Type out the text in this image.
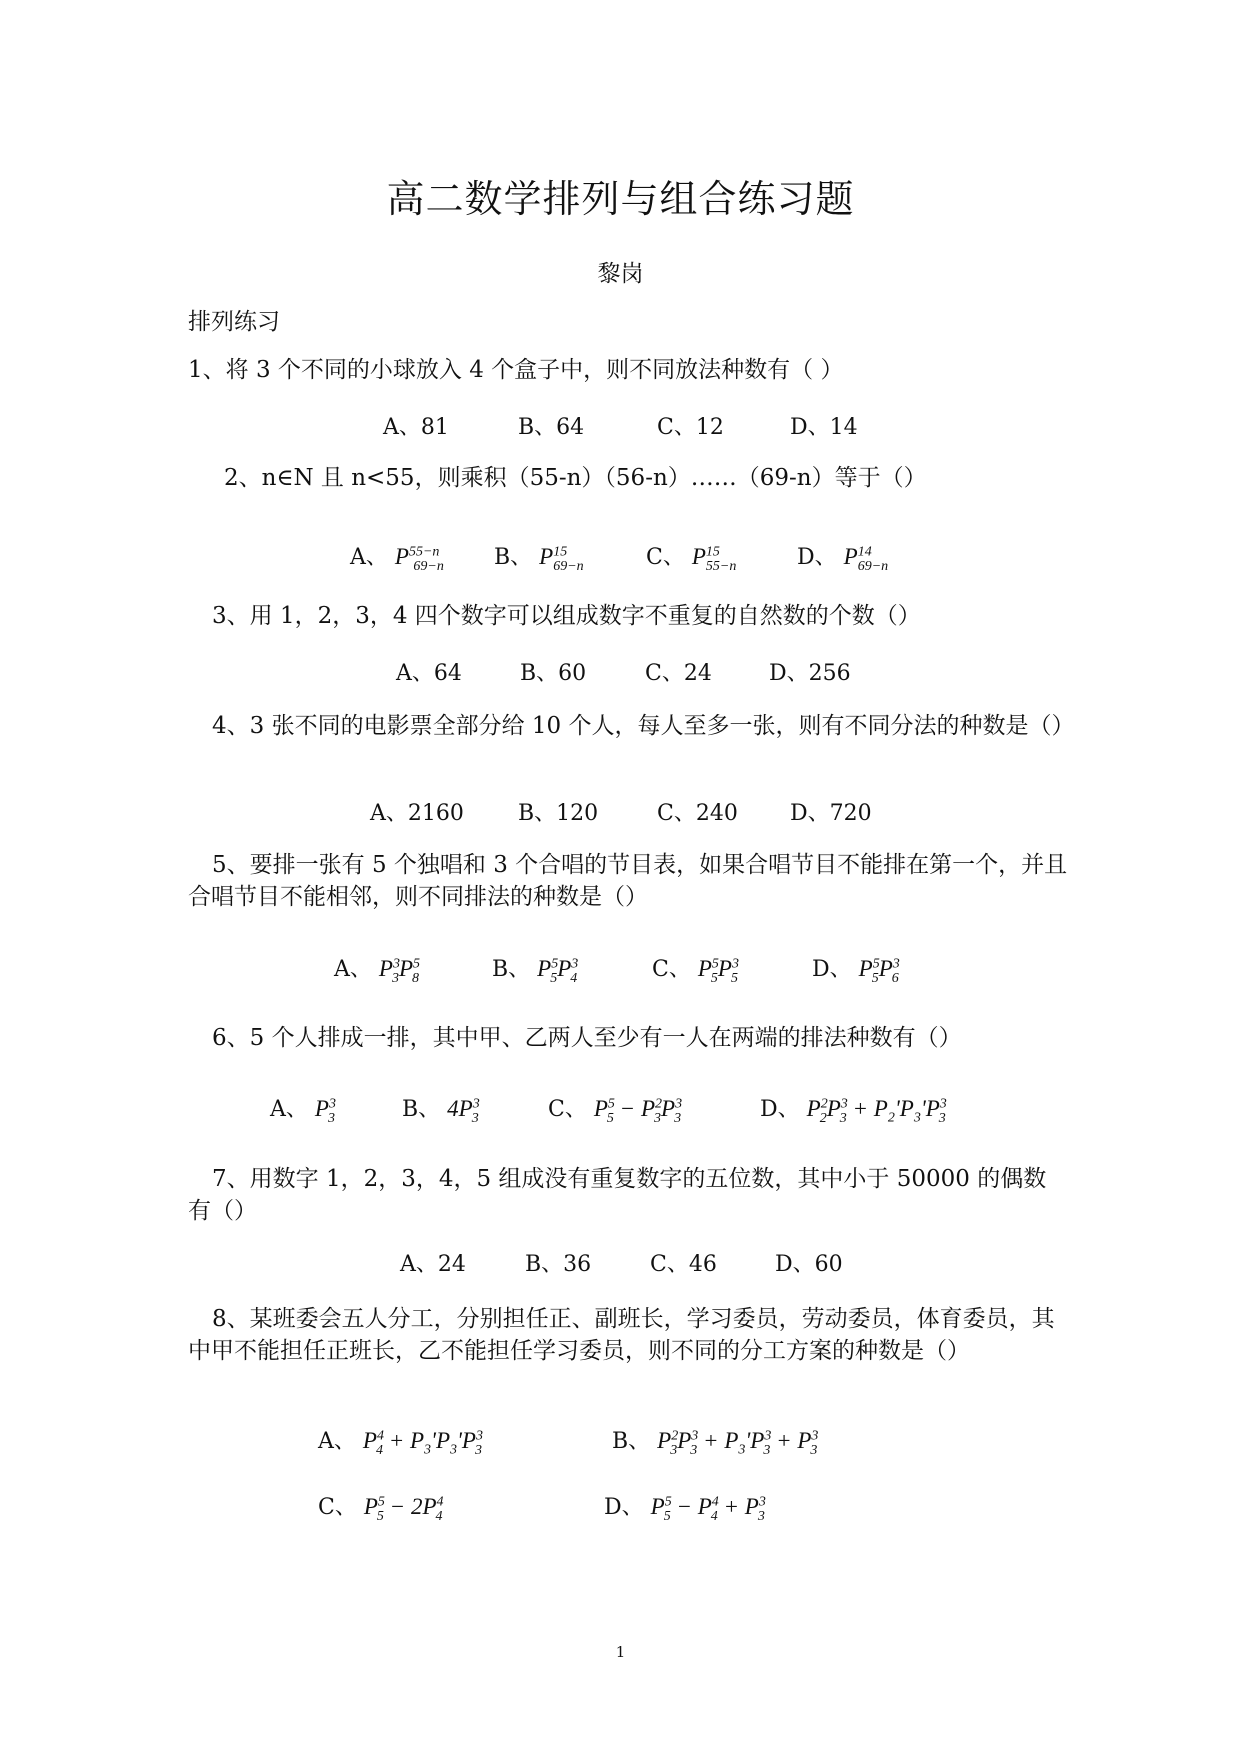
高二数学排列与组合练习题
黎岗
排列练习
1、将 3 个不同的小球放入 4 个盒子中，则不同放法种数有（ ）
A、81	B、64	C、12	D、14
2、n∈N 且 n<55，则乘积（55-n）（56-n）……（69-n）等于（）
A、 $P^{55-n}_{69-n}$ B、 $P^{15}_{69-n}$	C、 $P^{15}_{55-n}$	D、 $P^{14}_{69-n}$
3、用 1，2，3，4 四个数字可以组成数字不重复的自然数的个数（）
A、64	B、60	C、24	D、256
4、3 张不同的电影票全部分给 10 个人，每人至多一张，则有不同分法的种数是（）
A、2160 B、120	C、240 D、720
5、要排一张有 5 个独唱和 3 个合唱的节目表，如果合唱节目不能排在第一个，并且合唱节目不能相邻，则不同排法的种数是（）
A、 $P^3_3P^5_8$	B、 $P^5_5P^3_4$	C、 $P^5_5P^3_5$	D、 $P^5_5P^3_6$
6、5 个人排成一排，其中甲、乙两人至少有一人在两端的排法种数有（）
A、 $P^3_3$	B、 $4P^3_3$	C、 $P^5_5 - P^2_3P^3_3$	D、 $P^2_2P^3_3 + P_2'P_3'P^3_3$
7、用数字 1，2，3，4，5 组成没有重复数字的五位数，其中小于 50000 的偶数有（）
A、24	B、36	C、46	D、60
8、某班委会五人分工，分别担任正、副班长，学习委员，劳动委员，体育委员，其中甲不能担任正班长，乙不能担任学习委员，则不同的分工方案的种数是（）
A、 $P^4_4 + P_3'P_3'P^3_3$	B、 $P^2_3P^3_3 + P_3'P^3_3 + P^3_3$
C、 $P^5_5 - 2P^4_4$	D、 $P^5_5 - P^4_4 + P^3_3$
1
